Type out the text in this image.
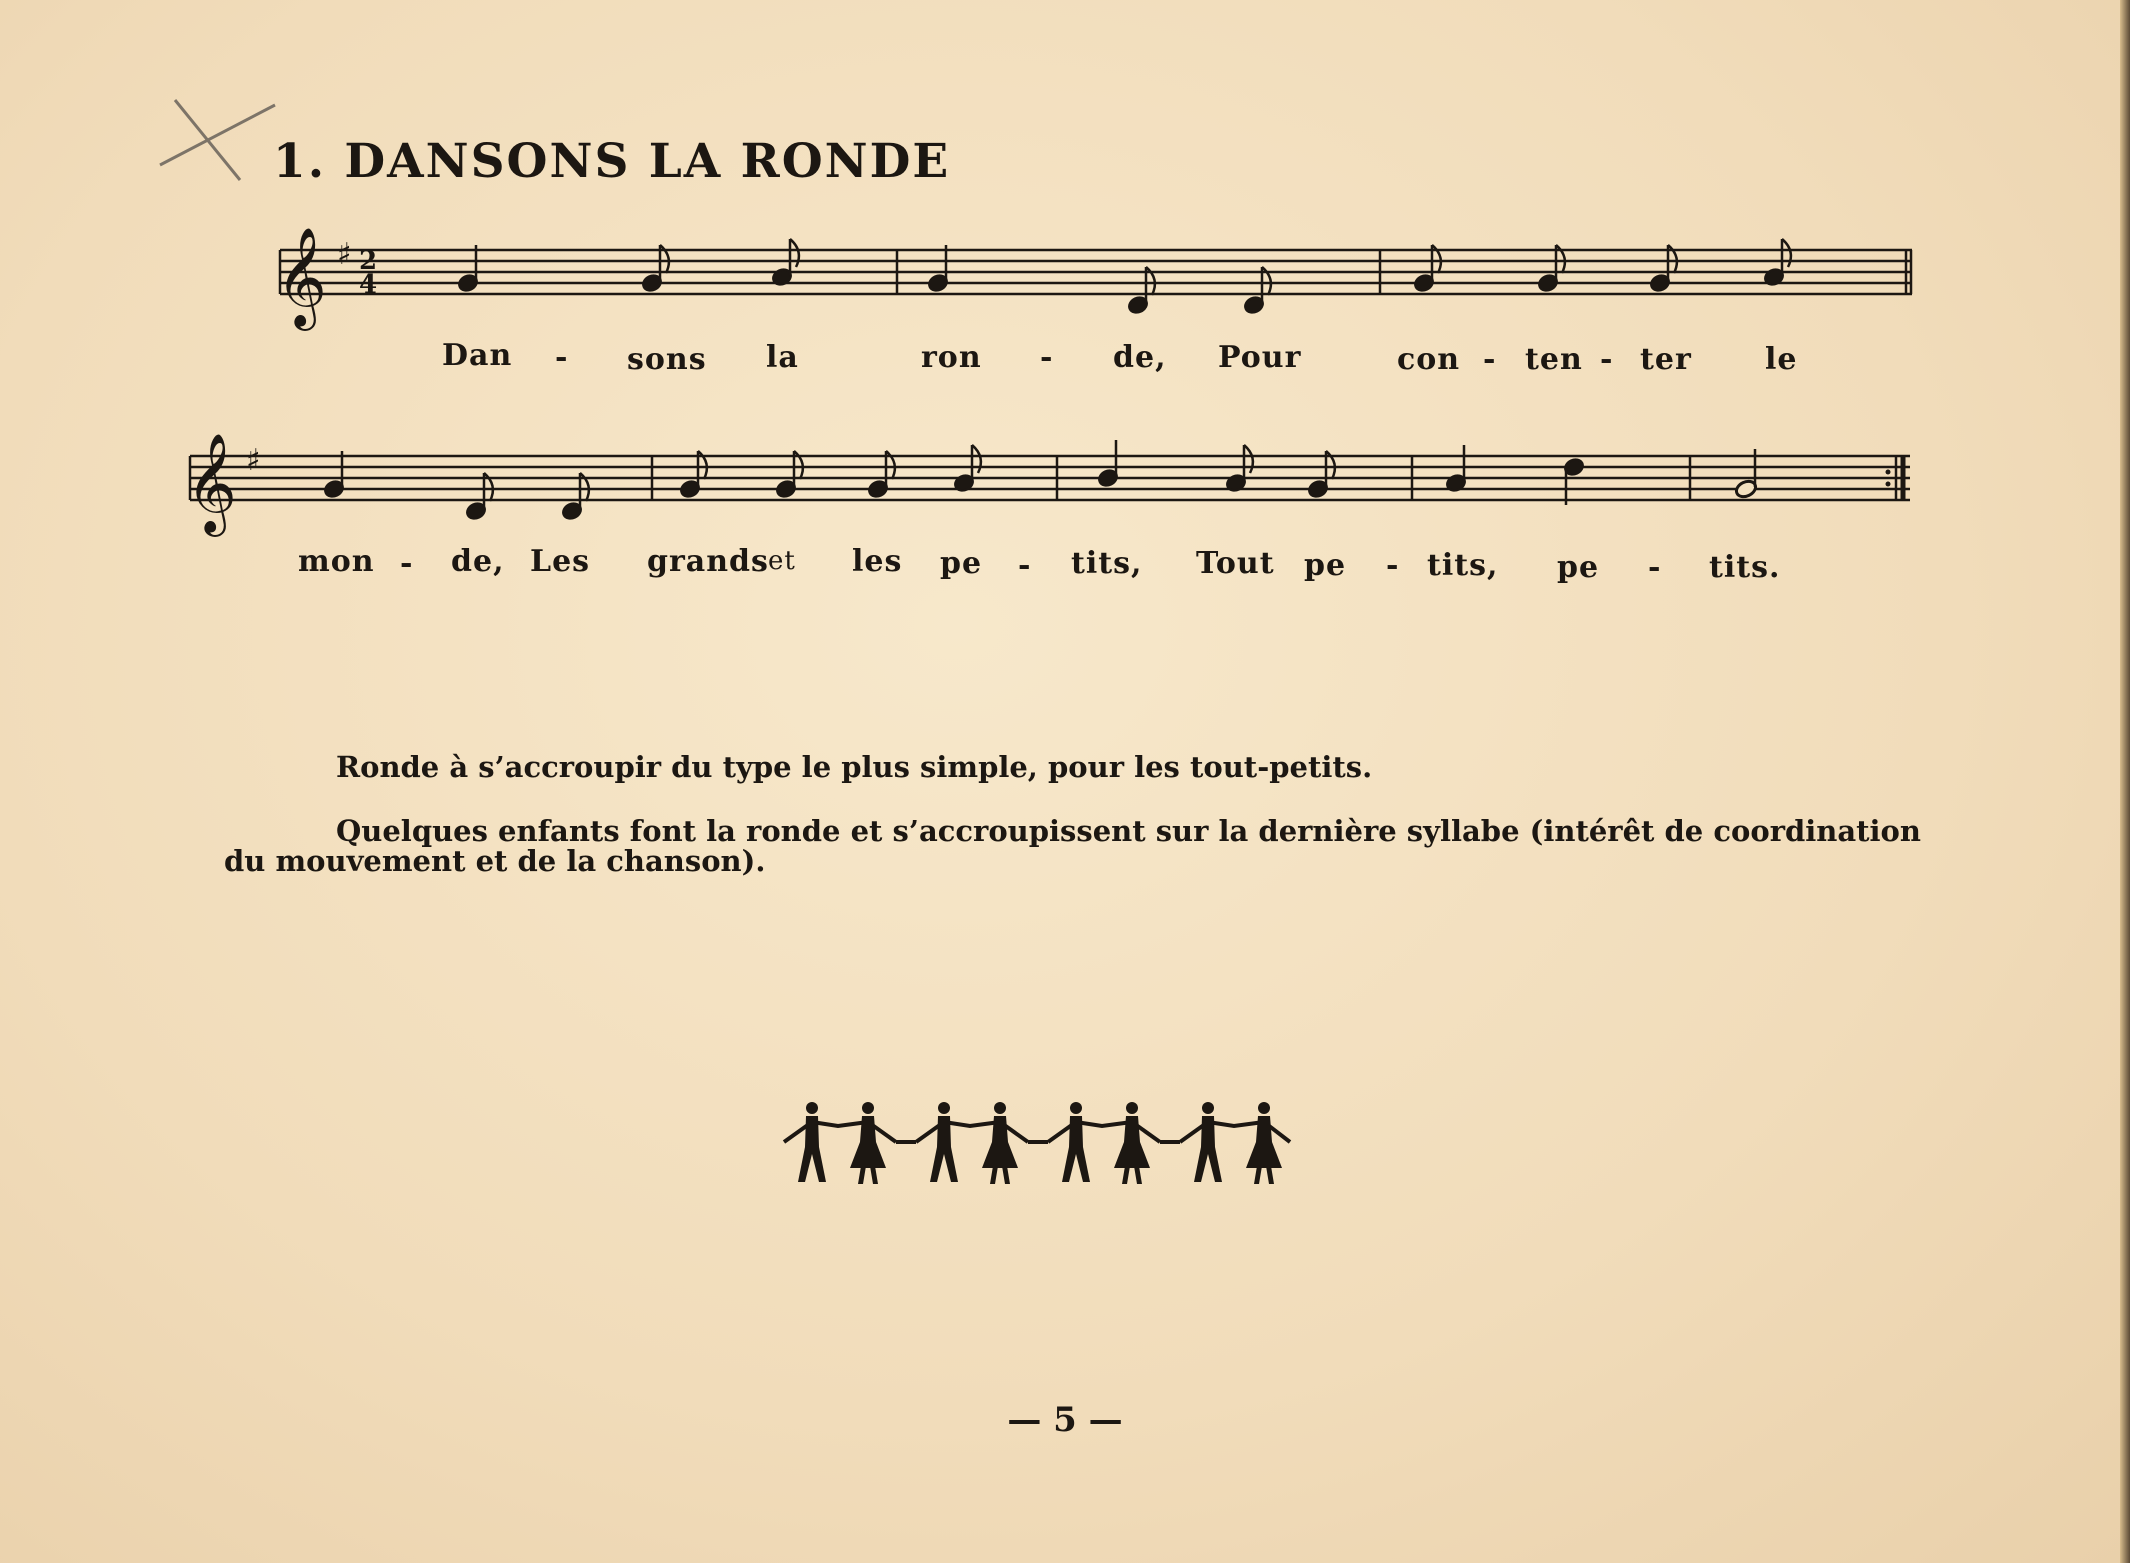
1. DANSONS LA RONDE
𝄞 ♯ 2
4
Dan - sons la	ron - de, Pour	con - ten - ter le
𝄞 ♯
mon - de, Les grands et les pe - tits, Tout pe - tits, pe - tits.
Ronde à s’accroupir du type le plus simple, pour les tout-petits.
Quelques enfants font la ronde et s’accroupissent sur la dernière syllabe (intérêt de coordination
du mouvement et de la chanson).
— 5 —
